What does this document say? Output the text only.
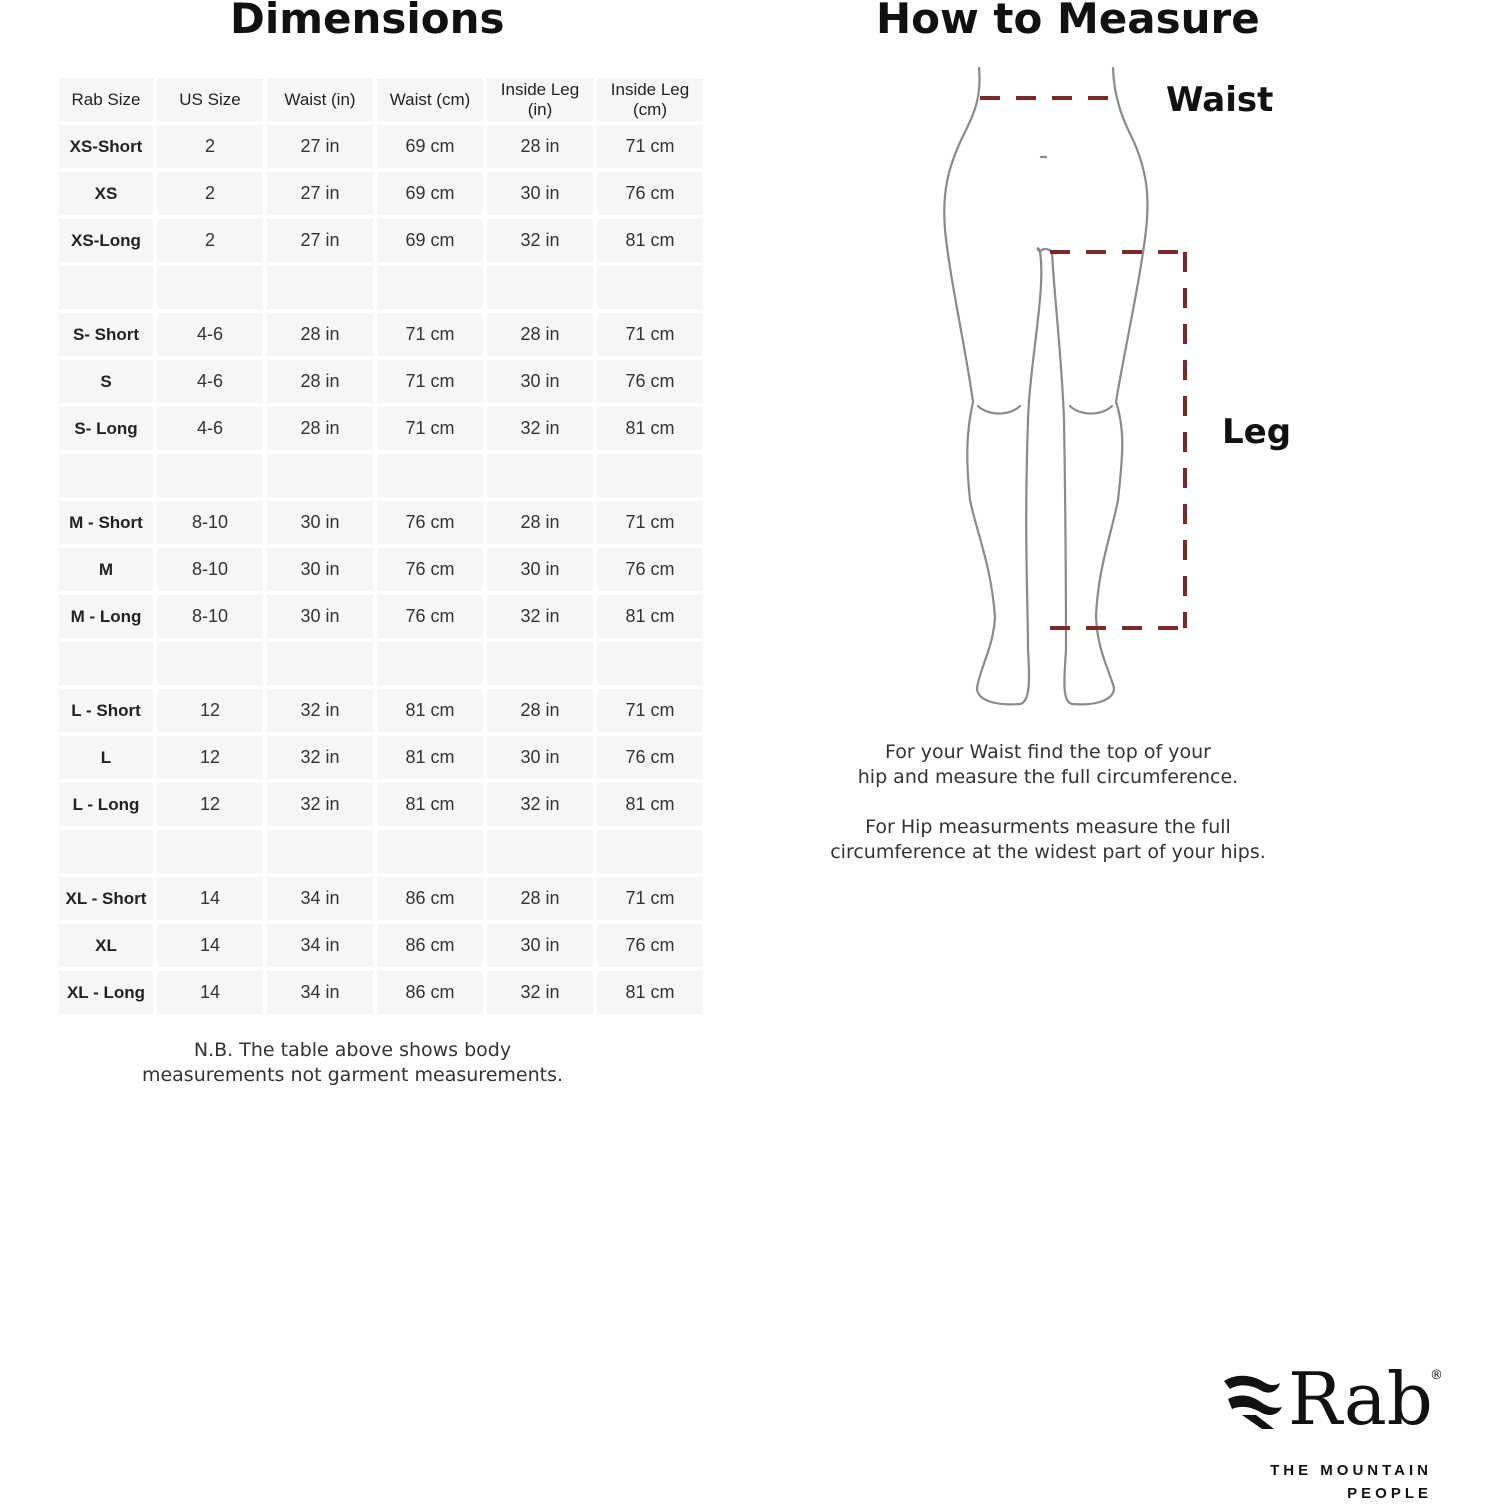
Dimensions	How to Measure
Rab Size	US Size	Waist (in)	Waist (cm)	Inside Leg (in)	Inside Leg (cm)
XS-Short	2	27 in	69 cm	28 in	71 cm
XS	2	27 in	69 cm	30 in	76 cm
XS-Long	2	27 in	69 cm	32 in	81 cm

S- Short	4-6	28 in	71 cm	28 in	71 cm
S	4-6	28 in	71 cm	30 in	76 cm
S- Long	4-6	28 in	71 cm	32 in	81 cm

M - Short	8-10	30 in	76 cm	28 in	71 cm
M	8-10	30 in	76 cm	30 in	76 cm
M - Long	8-10	30 in	76 cm	32 in	81 cm

L - Short	12	32 in	81 cm	28 in	71 cm
L	12	32 in	81 cm	30 in	76 cm
L - Long	12	32 in	81 cm	32 in	81 cm

XL - Short	14	34 in	86 cm	28 in	71 cm
XL	14	34 in	86 cm	30 in	76 cm
XL - Long	14	34 in	86 cm	32 in	81 cm
N.B. The table above shows body
measurements not garment measurements.

Waist

Leg

For your Waist find the top of your
hip and measure the full circumference.

For Hip measurments measure the full
circumference at the widest part of your hips.

Rab
®
THE MOUNTAIN
PEOPLE
